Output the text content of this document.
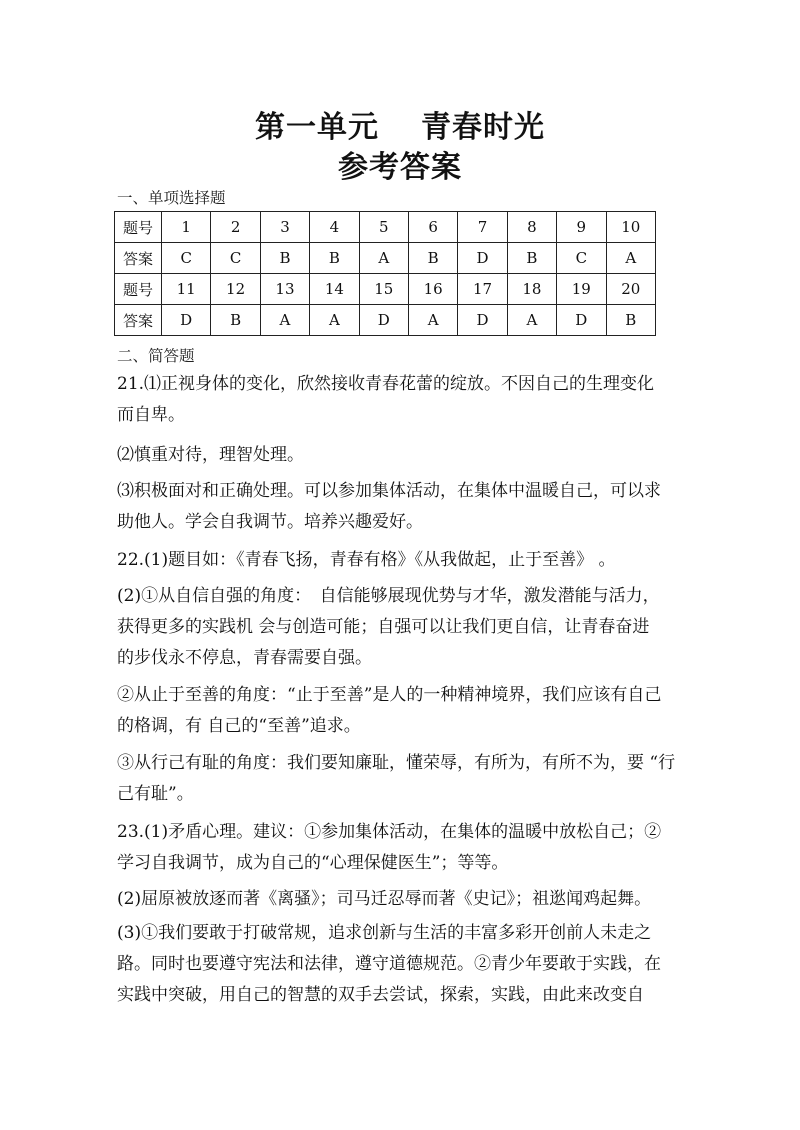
第一单元 青春时光
参考答案
一、单项选择题
题号	1	2	3	4	5	6	7	8	9	10
答案	C	C	B	B	A	B	D	B	C	A
题号	11	12	13	14	15	16	17	18	19	20
答案	D	B	A	A	D	A	D	A	D	B
二、简答题
21.⑴正视身体的变化，欣然接收青春花蕾的绽放。不因自己的生理变化
而自卑。
⑵慎重对待，理智处理。
⑶积极面对和正确处理。可以参加集体活动，在集体中温暖自己，可以求
助他人。学会自我调节。培养兴趣爱好。
22.(1)题目如：《青春飞扬，青春有格》《从我做起，止于至善》 。
(2)①从自信自强的角度：　自信能够展现优势与才华，激发潜能与活力，
获得更多的实践机 会与创造可能；自强可以让我们更自信，让青春奋进
的步伐永不停息，青春需要自强。
②从止于至善的角度：“止于至善”是人的一种精神境界，我们应该有自己
的格调，有 自己的“至善”追求。
③从行己有耻的角度：我们要知廉耻，懂荣辱，有所为，有所不为，要 “行
己有耻”。
23.(1)矛盾心理。建议：①参加集体活动，在集体的温暖中放松自己；②
学习自我调节，成为自己的“心理保健医生”；等等。
(2)屈原被放逐而著《离骚》；司马迁忍辱而著《史记》；祖逖闻鸡起舞。
(3)①我们要敢于打破常规，追求创新与生活的丰富多彩开创前人未走之
路。同时也要遵守宪法和法律，遵守道德规范。②青少年要敢于实践，在
实践中突破，用自己的智慧的双手去尝试，探索，实践，由此来改变自
